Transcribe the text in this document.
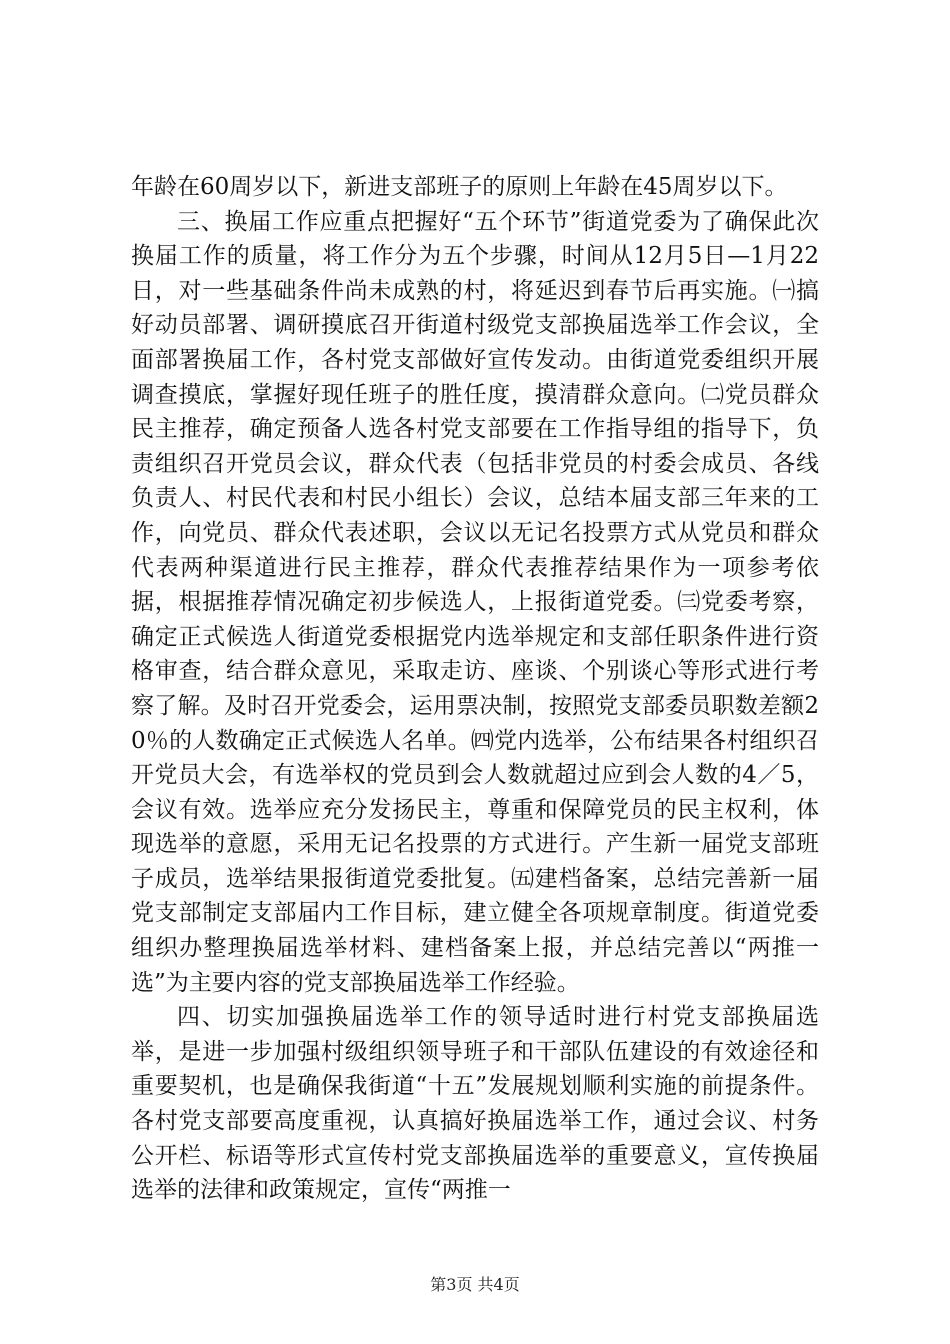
年龄在60周岁以下，新进支部班子的原则上年龄在45周岁以下。

三、换届工作应重点把握好“五个环节”街道党委为了确保此次换届工作的质量，将工作分为五个步骤，时间从12月5日—1月22日，对一些基础条件尚未成熟的村，将延迟到春节后再实施。㈠搞好动员部署、调研摸底召开街道村级党支部换届选举工作会议，全面部署换届工作，各村党支部做好宣传发动。由街道党委组织开展调查摸底，掌握好现任班子的胜任度，摸清群众意向。㈡党员群众民主推荐，确定预备人选各村党支部要在工作指导组的指导下，负责组织召开党员会议，群众代表（包括非党员的村委会成员、各线负责人、村民代表和村民小组长）会议，总结本届支部三年来的工作，向党员、群众代表述职，会议以无记名投票方式从党员和群众代表两种渠道进行民主推荐，群众代表推荐结果作为一项参考依据，根据推荐情况确定初步候选人，上报街道党委。㈢党委考察，确定正式候选人街道党委根据党内选举规定和支部任职条件进行资格审查，结合群众意见，采取走访、座谈、个别谈心等形式进行考察了解。及时召开党委会，运用票决制，按照党支部委员职数差额20％的人数确定正式候选人名单。㈣党内选举，公布结果各村组织召开党员大会，有选举权的党员到会人数就超过应到会人数的4／5，会议有效。选举应充分发扬民主，尊重和保障党员的民主权利，体现选举的意愿，采用无记名投票的方式进行。产生新一届党支部班子成员，选举结果报街道党委批复。㈤建档备案，总结完善新一届党支部制定支部届内工作目标，建立健全各项规章制度。街道党委组织办整理换届选举材料、建档备案上报，并总结完善以“两推一选”为主要内容的党支部换届选举工作经验。

四、切实加强换届选举工作的领导适时进行村党支部换届选举，是进一步加强村级组织领导班子和干部队伍建设的有效途径和重要契机，也是确保我街道“十五”发展规划顺利实施的前提条件。各村党支部要高度重视，认真搞好换届选举工作，通过会议、村务公开栏、标语等形式宣传村党支部换届选举的重要意义，宣传换届选举的法律和政策规定，宣传“两推一

第3页 共4页
